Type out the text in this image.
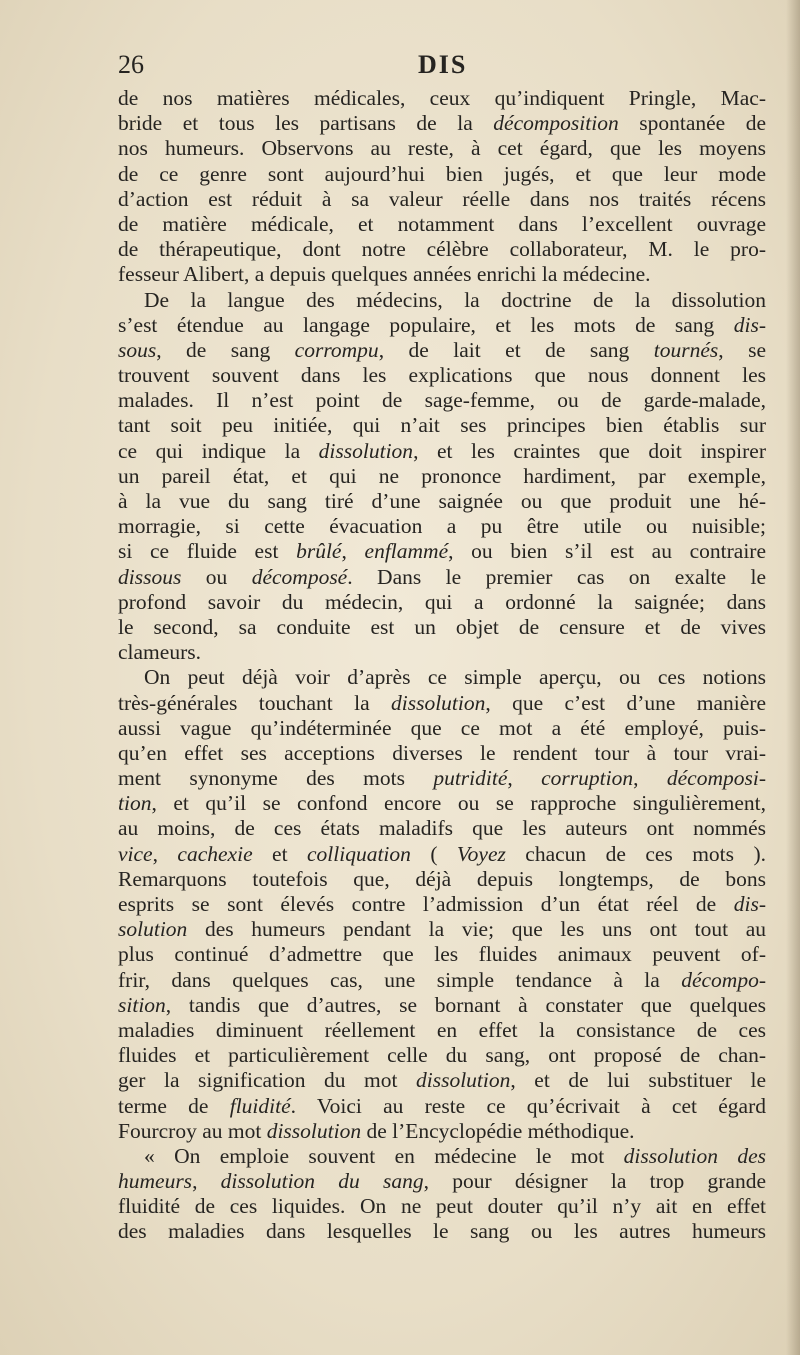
26	DIS
de nos matières médicales, ceux qu’indiquent Pringle, Mac-
bride et tous les partisans de la décomposition spontanée de
nos humeurs. Observons au reste, à cet égard, que les moyens
de ce genre sont aujourd’hui bien jugés, et que leur mode
d’action est réduit à sa valeur réelle dans nos traités récens
de matière médicale, et notamment dans l’excellent ouvrage
de thérapeutique, dont notre célèbre collaborateur, M. le pro-
fesseur Alibert, a depuis quelques années enrichi la médecine.
De la langue des médecins, la doctrine de la dissolution
s’est étendue au langage populaire, et les mots de sang dis-
sous, de sang corrompu, de lait et de sang tournés, se
trouvent souvent dans les explications que nous donnent les
malades. Il n’est point de sage-femme, ou de garde-malade,
tant soit peu initiée, qui n’ait ses principes bien établis sur
ce qui indique la dissolution, et les craintes que doit inspirer
un pareil état, et qui ne prononce hardiment, par exemple,
à la vue du sang tiré d’une saignée ou que produit une hé-
morragie, si cette évacuation a pu être utile ou nuisible;
si ce fluide est brûlé, enflammé, ou bien s’il est au contraire
dissous ou décomposé. Dans le premier cas on exalte le
profond savoir du médecin, qui a ordonné la saignée; dans
le second, sa conduite est un objet de censure et de vives
clameurs.
On peut déjà voir d’après ce simple aperçu, ou ces notions
très-générales touchant la dissolution, que c’est d’une manière
aussi vague qu’indéterminée que ce mot a été employé, puis-
qu’en effet ses acceptions diverses le rendent tour à tour vrai-
ment synonyme des mots putridité, corruption, décomposi-
tion, et qu’il se confond encore ou se rapproche singulièrement,
au moins, de ces états maladifs que les auteurs ont nommés
vice, cachexie et colliquation ( Voyez chacun de ces mots ).
Remarquons toutefois que, déjà depuis longtemps, de bons
esprits se sont élevés contre l’admission d’un état réel de dis-
solution des humeurs pendant la vie; que les uns ont tout au
plus continué d’admettre que les fluides animaux peuvent of-
frir, dans quelques cas, une simple tendance à la décompo-
sition, tandis que d’autres, se bornant à constater que quelques
maladies diminuent réellement en effet la consistance de ces
fluides et particulièrement celle du sang, ont proposé de chan-
ger la signification du mot dissolution, et de lui substituer le
terme de fluidité. Voici au reste ce qu’écrivait à cet égard
Fourcroy au mot dissolution de l’Encyclopédie méthodique.
« On emploie souvent en médecine le mot dissolution des
humeurs, dissolution du sang, pour désigner la trop grande
fluidité de ces liquides. On ne peut douter qu’il n’y ait en effet
des maladies dans lesquelles le sang ou les autres humeurs
